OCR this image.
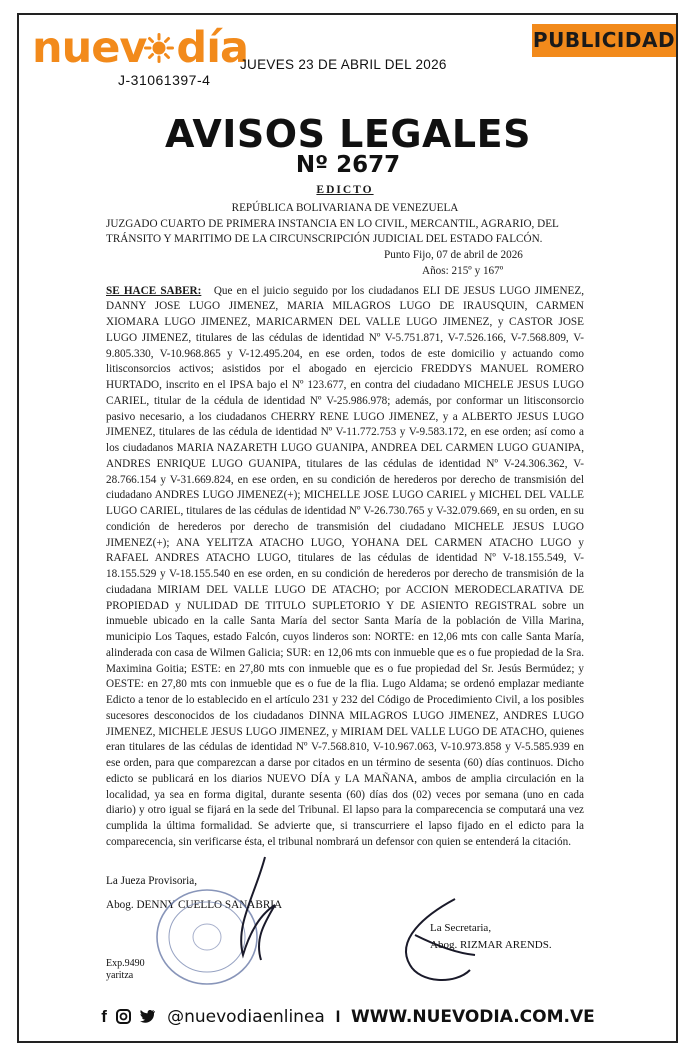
nuev día
J-31061397-4
JUEVES 23 DE ABRIL DEL 2026
PUBLICIDAD
AVISOS LEGALES
Nº 2677
EDICTO
REPÚBLICA BOLIVARIANA DE VENEZUELA
JUZGADO CUARTO DE PRIMERA INSTANCIA EN LO CIVIL, MERCANTIL, AGRARIO, DEL TRÁNSITO Y MARITIMO DE LA CIRCUNSCRIPCIÓN JUDICIAL DEL ESTADO FALCÓN.
Punto Fijo, 07 de abril de 2026
Años: 215º y 167º
SE HACE SABER: Que en el juicio seguido por los ciudadanos ELI DE JESUS LUGO JIMENEZ, DANNY JOSE LUGO JIMENEZ, MARIA MILAGROS LUGO DE IRAUSQUIN, CARMEN XIOMARA LUGO JIMENEZ, MARICARMEN DEL VALLE LUGO JIMENEZ, y CASTOR JOSE LUGO JIMENEZ, titulares de las cédulas de identidad Nº V-5.751.871, V-7.526.166, V-7.568.809, V-9.805.330, V-10.968.865 y V-12.495.204, en ese orden, todos de este domicilio y actuando como litisconsorcios activos; asistidos por el abogado en ejercicio FREDDYS MANUEL ROMERO HURTADO, inscrito en el IPSA bajo el Nº 123.677, en contra del ciudadano MICHELE JESUS LUGO CARIEL, titular de la cédula de identidad Nº V-25.986.978; además, por conformar un litisconsorcio pasivo necesario, a los ciudadanos CHERRY RENE LUGO JIMENEZ, y a ALBERTO JESUS LUGO JIMENEZ, titulares de las cédula de identidad Nº V-11.772.753 y V-9.583.172, en ese orden; así como a los ciudadanos MARIA NAZARETH LUGO GUANIPA, ANDREA DEL CARMEN LUGO GUANIPA, ANDRES ENRIQUE LUGO GUANIPA, titulares de las cédulas de identidad Nº V-24.306.362, V-28.766.154 y V-31.669.824, en ese orden, en su condición de herederos por derecho de transmisión del ciudadano ANDRES LUGO JIMENEZ(+); MICHELLE JOSE LUGO CARIEL y MICHEL DEL VALLE LUGO CARIEL, titulares de las cédulas de identidad Nº V-26.730.765 y V-32.079.669, en su orden, en su condición de herederos por derecho de transmisión del ciudadano MICHELE JESUS LUGO JIMENEZ(+); ANA YELITZA ATACHO LUGO, YOHANA DEL CARMEN ATACHO LUGO y RAFAEL ANDRES ATACHO LUGO, titulares de las cédulas de identidad Nº V-18.155.549, V-18.155.529 y V-18.155.540 en ese orden, en su condición de herederos por derecho de transmisión de la ciudadana MIRIAM DEL VALLE LUGO DE ATACHO; por ACCION MERODECLARATIVA DE PROPIEDAD y NULIDAD DE TITULO SUPLETORIO Y DE ASIENTO REGISTRAL sobre un inmueble ubicado en la calle Santa María del sector Santa María de la población de Villa Marina, municipio Los Taques, estado Falcón, cuyos linderos son: NORTE: en 12,06 mts con calle Santa María, alinderada con casa de Wilmen Galicia; SUR: en 12,06 mts con inmueble que es o fue propiedad de la Sra. Maximina Goitia; ESTE: en 27,80 mts con inmueble que es o fue propiedad del Sr. Jesús Bermúdez; y OESTE: en 27,80 mts con inmueble que es o fue de la flia. Lugo Aldama; se ordenó emplazar mediante Edicto a tenor de lo establecido en el artículo 231 y 232 del Código de Procedimiento Civil, a los posibles sucesores desconocidos de los ciudadanos DINNA MILAGROS LUGO JIMENEZ, ANDRES LUGO JIMENEZ, MICHELE JESUS LUGO JIMENEZ, y MIRIAM DEL VALLE LUGO DE ATACHO, quienes eran titulares de las cédulas de identidad Nº V-7.568.810, V-10.967.063, V-10.973.858 y V-5.585.939 en ese orden, para que comparezcan a darse por citados en un término de sesenta (60) días continuos. Dicho edicto se publicará en los diarios NUEVO DÍA y LA MAÑANA, ambos de amplia circulación en la localidad, ya sea en forma digital, durante sesenta (60) días dos (02) veces por semana (uno en cada diario) y otro igual se fijará en la sede del Tribunal. El lapso para la comparecencia se computará una vez cumplida la última formalidad. Se advierte que, si transcurriere el lapso fijado en el edicto para la comparecencia, sin verificarse ésta, el tribunal nombrará un defensor con quien se entenderá la citación.
La Jueza Provisoria,
Abog. DENNY CUELLO SANABRIA
La Secretaria,
Abog. RIZMAR ARENDS.
Exp.9490
yaritza
f	@nuevodiaenlinea I WWW.NUEVODIA.COM.VE
